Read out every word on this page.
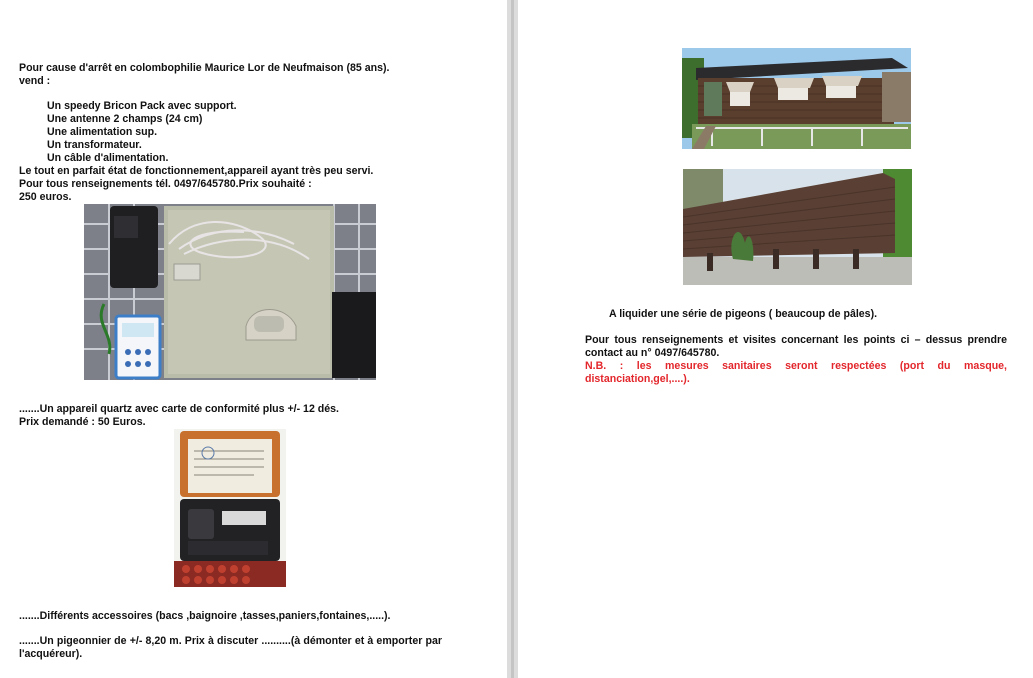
Pour cause d'arrêt en colombophilie Maurice Lor de Neufmaison (85 ans).

vend :

Un speedy Bricon Pack avec support.

Une antenne 2 champs (24 cm)

Une alimentation sup.

Un transformateur.

Un câble d'alimentation.

Le tout en parfait état de fonctionnement,appareil ayant très peu servi.

Pour tous renseignements tél. 0497/645780.Prix souhaité :

250 euros.

.......Un appareil quartz avec carte de conformité plus +/- 12 dés.

Prix demandé : 50 Euros.

.......Différents accessoires (bacs ,baignoire ,tasses,paniers,fontaines,.....).

.......Un pigeonnier de +/- 8,20 m. Prix à discuter ..........(à démonter et à emporter par l'acquéreur).

A liquider une série de pigeons ( beaucoup de pâles).

Pour tous renseignements et visites concernant les points ci – dessus prendre contact au n° 0497/645780.

N.B. : les mesures sanitaires seront respectées (port du masque, distanciation,gel,....).
